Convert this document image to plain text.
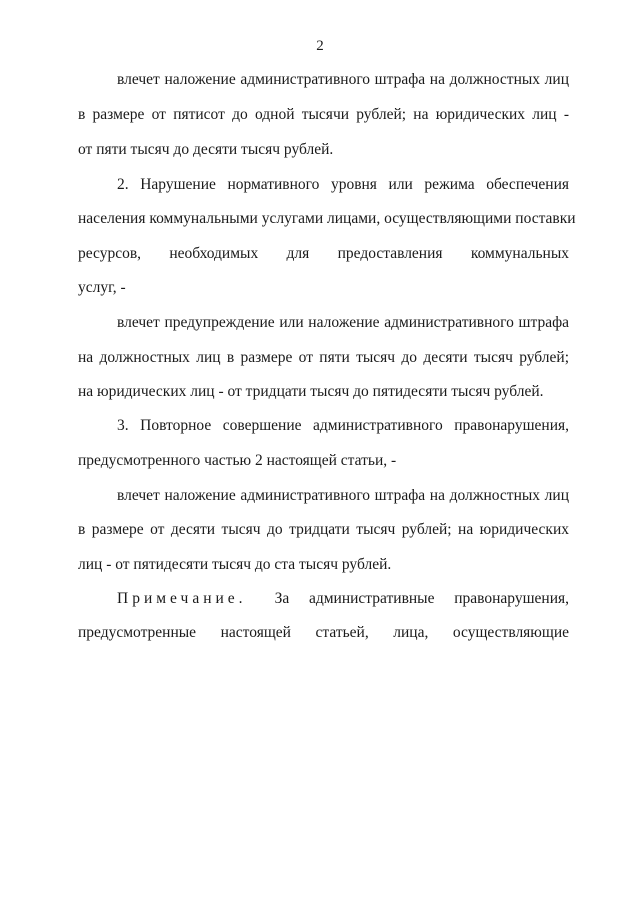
2
влечет наложение административного штрафа на должностных лиц
в размере от пятисот до одной тысячи рублей; на юридических лиц -
от пяти тысяч до десяти тысяч рублей.
2. Нарушение нормативного уровня или режима обеспечения
населения коммунальными услугами лицами, осуществляющими поставки
ресурсов, необходимых для предоставления коммунальных
услуг, -
влечет предупреждение или наложение административного штрафа
на должностных лиц в размере от пяти тысяч до десяти тысяч рублей;
на юридических лиц - от тридцати тысяч до пятидесяти тысяч рублей.
3. Повторное совершение административного правонарушения,
предусмотренного частью 2 настоящей статьи, -
влечет наложение административного штрафа на должностных лиц
в размере от десяти тысяч до тридцати тысяч рублей; на юридических
лиц - от пятидесяти тысяч до ста тысяч рублей.
Примечание. За административные правонарушения,
предусмотренные настоящей статьей, лица, осуществляющие
